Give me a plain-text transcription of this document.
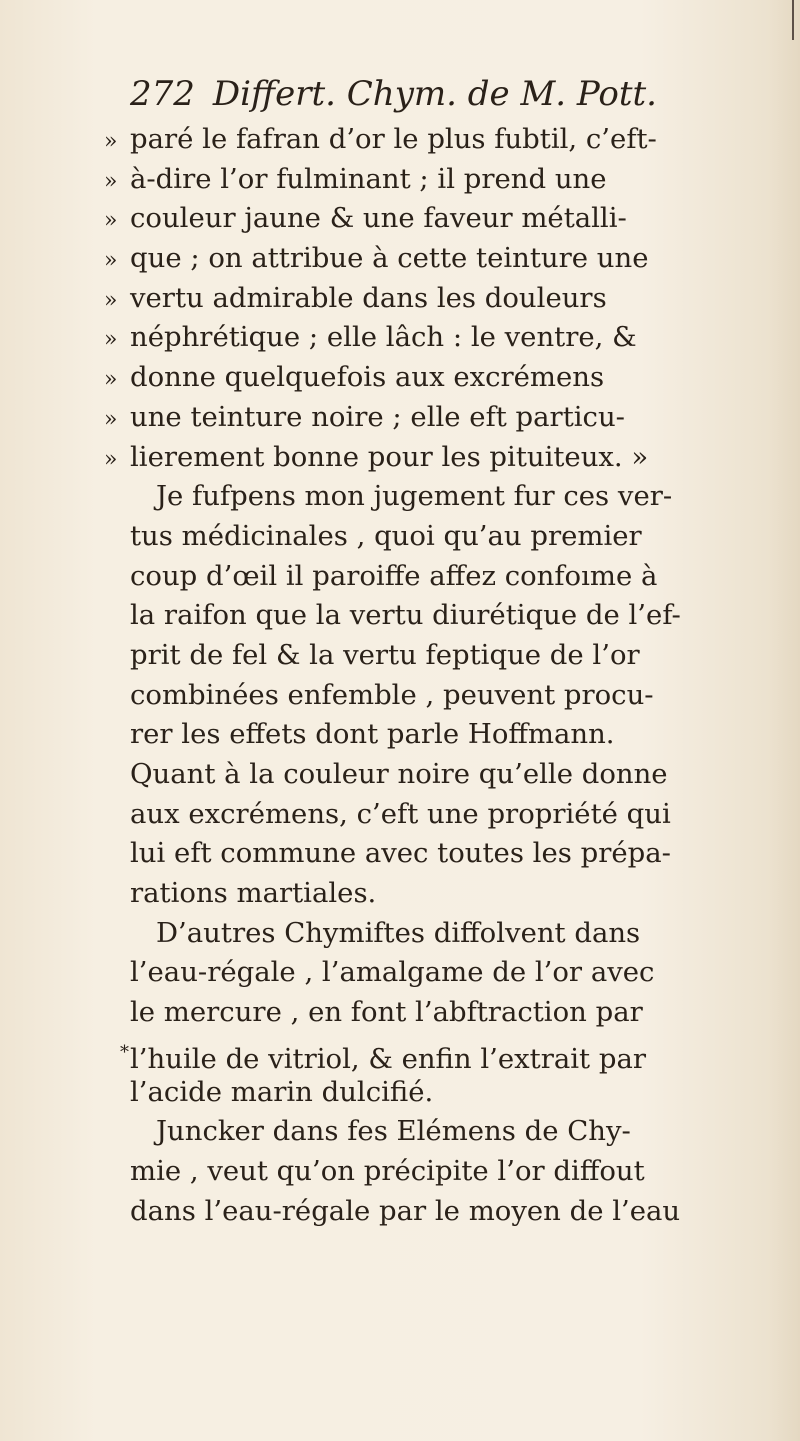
272 Differt. Chym. de M. Pott.
» paré le fafran d’or le plus fubtil, c’eft-
» à-dire l’or fulminant ; il prend une
» couleur jaune & une faveur métalli-
» que ; on attribue à cette teinture une
» vertu admirable dans les douleurs
» néphrétique ; elle lâch : le ventre, &
» donne quelquefois aux excrémens
» une teinture noire ; elle eft particu-
» lierement bonne pour les pituiteux. »
Je fufpens mon jugement fur ces ver-
tus médicinales , quoi qu’au premier
coup d’œil il paroiffe affez confoıme à
la raifon que la vertu diurétique de l’ef-
prit de fel & la vertu feptique de l’or
combinées enfemble , peuvent procu-
rer les effets dont parle Hoffmann.
Quant à la couleur noire qu’elle donne
aux excrémens, c’eft une propriété qui
lui eft commune avec toutes les prépa-
rations martiales.
D’autres Chymiftes diffolvent dans
l’eau-régale , l’amalgame de l’or avec
le mercure , en font l’abftraction par
*l’huile de vitriol, & enfin l’extrait par
l’acide marin dulcifié.
Juncker dans fes Elémens de Chy-
mie , veut qu’on précipite l’or diffout
dans l’eau-régale par le moyen de l’eau
